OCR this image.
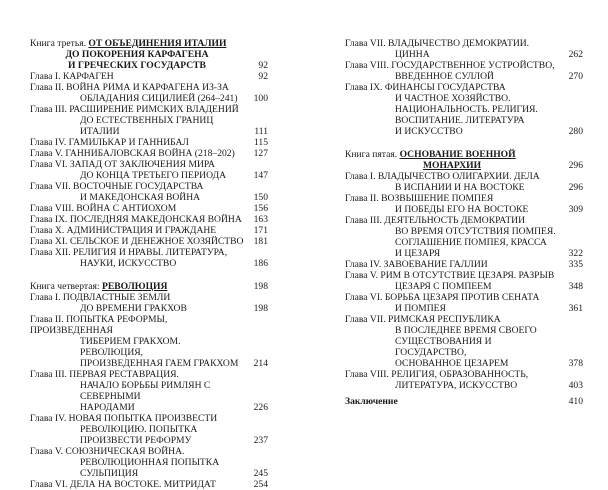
Книга третья. ОТ ОБЪЕДИНЕНИЯ ИТАЛИИ
ДО ПОКОРЕНИЯ КАРФАГЕНА
И ГРЕЧЕСКИХ ГОСУДАРСТВ	92
Глава I. КАРФАГЕН	92
Глава II. ВОЙНА РИМА И КАРФАГЕНА ИЗ-ЗА
ОБЛАДАНИЯ СИЦИЛИЕЙ (264–241)	100
Глава III. РАСШИРЕНИЕ РИМСКИХ ВЛАДЕНИЙ
ДО ЕСТЕСТВЕННЫХ ГРАНИЦ ИТАЛИИ	111
Глава IV. ГАМИЛЬКАР И ГАННИБАЛ	115
Глава V. ГАННИБАЛОВСКАЯ ВОЙНА (218–202) 127
Глава VI. ЗАПАД ОТ ЗАКЛЮЧЕНИЯ МИРА
ДО КОНЦА ТРЕТЬЕГО ПЕРИОДА	147
Глава VII. ВОСТОЧНЫЕ ГОСУДАРСТВА
И МАКЕДОНСКАЯ ВОЙНА	150
Глава VIII. ВОЙНА С АНТИОХОМ	156
Глава IX. ПОСЛЕДНЯЯ МАКЕДОНСКАЯ ВОЙНА 163
Глава X. АДМИНИСТРАЦИЯ И ГРАЖДАНЕ	171
Глава XI. СЕЛЬСКОЕ И ДЕНЕЖНОЕ ХОЗЯЙСТВО 181
Глава XII. РЕЛИГИЯ И НРАВЫ. ЛИТЕРАТУРА,
НАУКИ, ИСКУССТВО	186
Книга четвертая: РЕВОЛЮЦИЯ	198
Глава I. ПОДВЛАСТНЫЕ ЗЕМЛИ
ДО ВРЕМЕНИ ГРАКХОВ	198
Глава II. ПОПЫТКА РЕФОРМЫ, ПРОИЗВЕДЕННАЯ
ТИБЕРИЕМ ГРАКХОМ. РЕВОЛЮЦИЯ,
ПРОИЗВЕДЕННАЯ ГАЕМ ГРАКХОМ	214
Глава III. ПЕРВАЯ РЕСТАВРАЦИЯ.
НАЧАЛО БОРЬБЫ РИМЛЯН С СЕВЕРНЫМИ
НАРОДАМИ	226
Глава IV. НОВАЯ ПОПЫТКА ПРОИЗВЕСТИ
РЕВОЛЮЦИЮ. ПОПЫТКА
ПРОИЗВЕСТИ РЕФОРМУ	237
Глава V. СОЮЗНИЧЕСКАЯ ВОЙНА.
РЕВОЛЮЦИОННАЯ ПОПЫТКА
СУЛЬПИЦИЯ	245
Глава VI. ДЕЛА НА ВОСТОКЕ. МИТРИДАТ	254
Глава VII. ВЛАДЫЧЕСТВО ДЕМОКРАТИИ.
ЦИННА	262
Глава VIII. ГОСУДАРСТВЕННОЕ УСТРОЙСТВО,
ВВЕДЕННОЕ СУЛЛОЙ	270
Глава IX. ФИНАНСЫ ГОСУДАРСТВА
И ЧАСТНОЕ ХОЗЯЙСТВО.
НАЦИОНАЛЬНОСТЬ. РЕЛИГИЯ.
ВОСПИТАНИЕ. ЛИТЕРАТУРА
И ИСКУССТВО	280
Книга пятая. ОСНОВАНИЕ ВОЕННОЙ
МОНАРХИИ	296
Глава I. ВЛАДЫЧЕСТВО ОЛИГАРХИИ. ДЕЛА
В ИСПАНИИ И НА ВОСТОКЕ	296
Глава II. ВОЗВЫШЕНИЕ ПОМПЕЯ
И ПОБЕДЫ ЕГО НА ВОСТОКЕ	309
Глава III. ДЕЯТЕЛЬНОСТЬ ДЕМОКРАТИИ
ВО ВРЕМЯ ОТСУТСТВИЯ ПОМПЕЯ.
СОГЛАШЕНИЕ ПОМПЕЯ, КРАССА
И ЦЕЗАРЯ	322
Глава IV. ЗАВОЕВАНИЕ ГАЛЛИИ	335
Глава V. РИМ В ОТСУТСТВИЕ ЦЕЗАРЯ. РАЗРЫВ
ЦЕЗАРЯ С ПОМПЕЕМ	348
Глава VI. БОРЬБА ЦЕЗАРЯ ПРОТИВ СЕНАТА
И ПОМПЕЯ	361
Глава VII. РИМСКАЯ РЕСПУБЛИКА
В ПОСЛЕДНЕЕ ВРЕМЯ СВОЕГО
СУЩЕСТВОВАНИЯ И ГОСУДАРСТВО,
ОСНОВАННОЕ ЦЕЗАРЕМ	378
Глава VIII. РЕЛИГИЯ, ОБРАЗОВАННОСТЬ,
ЛИТЕРАТУРА, ИСКУССТВО	403
Заключение	410
